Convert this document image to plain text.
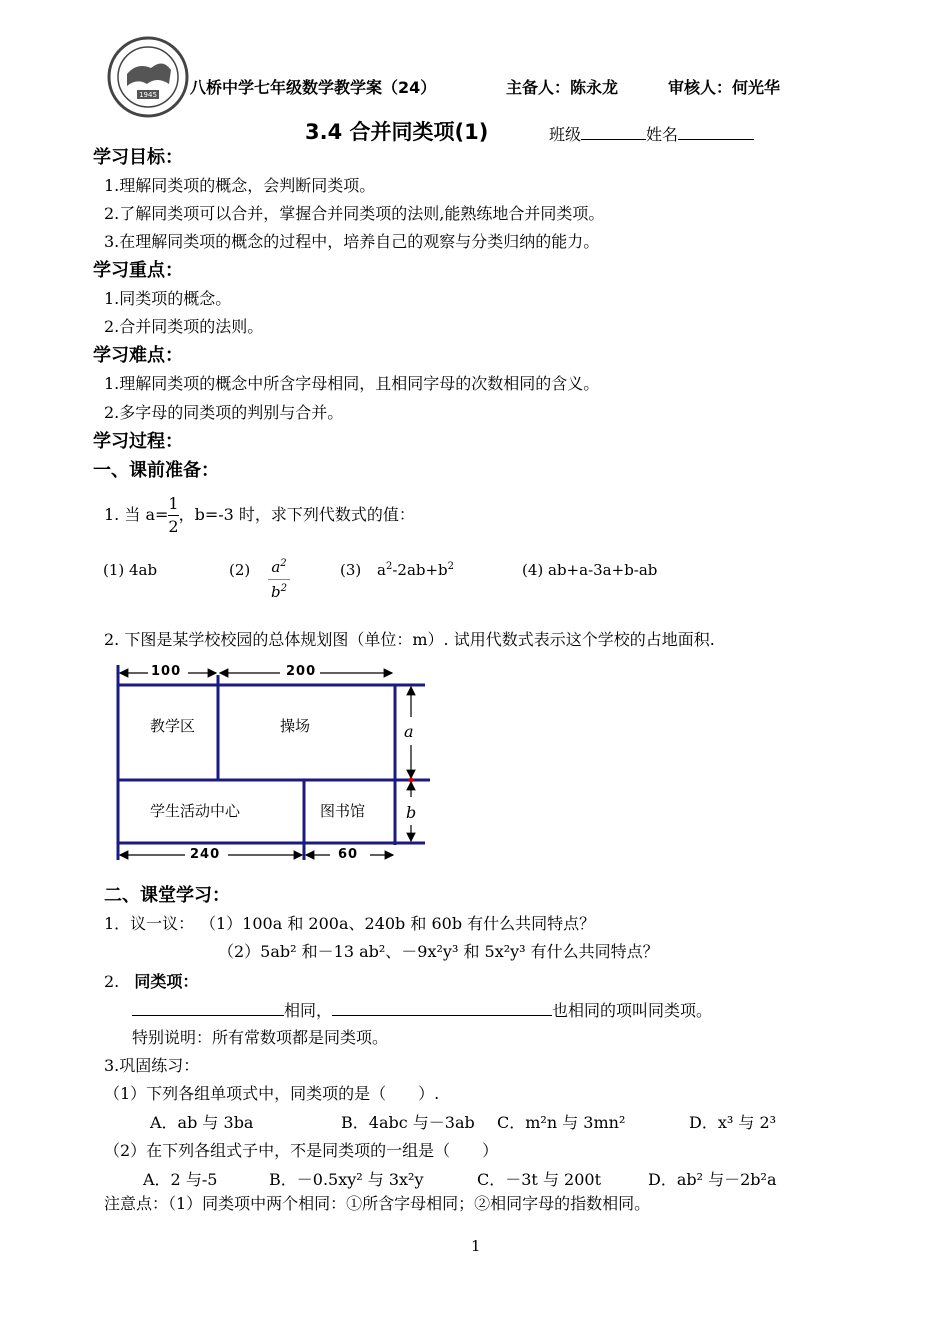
1945 八桥中学七年级数学教学案（24）	主备人：陈永龙	审核人：何光华
3.4 合并同类项(1)	班级	姓名
学习目标：
1.理解同类项的概念，会判断同类项。
2.了解同类项可以合并，掌握合并同类项的法则,能熟练地合并同类项。
3.在理解同类项的概念的过程中，培养自己的观察与分类归纳的能力。
学习重点：
1.同类项的概念。
2.合并同类项的法则。
学习难点：
1.理解同类项的概念中所含字母相同，且相同字母的次数相同的含义。
2.多字母的同类项的判别与合并。
学习过程：
一、课前准备：
1. 当 $a= \frac{1}{2}$ ，b=-3 时，求下列代数式的值：
(1) 4ab	(2) $a^2$
$b^2$
(3) $a^2-2ab+b^2$	(4) ab+a-3a+b-ab
2. 下图是某学校校园的总体规划图（单位：m）. 试用代数式表示这个学校的占地面积.
100	200
240	60
a
b
教学区	操场
学生活动中心	图书馆
二、课堂学习：
1．议一议： （1）100a 和 200a、240b 和 60b 有什么共同特点？
（2）5ab² 和－13 ab²、－9x²y³ 和 5x²y³ 有什么共同特点？
2. 同类项：
相同，	也相同的项叫同类项。
特别说明：所有常数项都是同类项。
3.巩固练习：
（1）下列各组单项式中，同类项的是（　　）.
A．ab 与 3ba	B．4abc 与－3ab C．m²n 与 3mn²	D．x³ 与 2³
（2）在下列各组式子中，不是同类项的一组是（　　）
A．2 与-5	B．－0.5xy² 与 3x²y	C．－3t 与 200t	D．ab² 与－2b²a
注意点：（1）同类项中两个相同：①所含字母相同；②相同字母的指数相同。
1
